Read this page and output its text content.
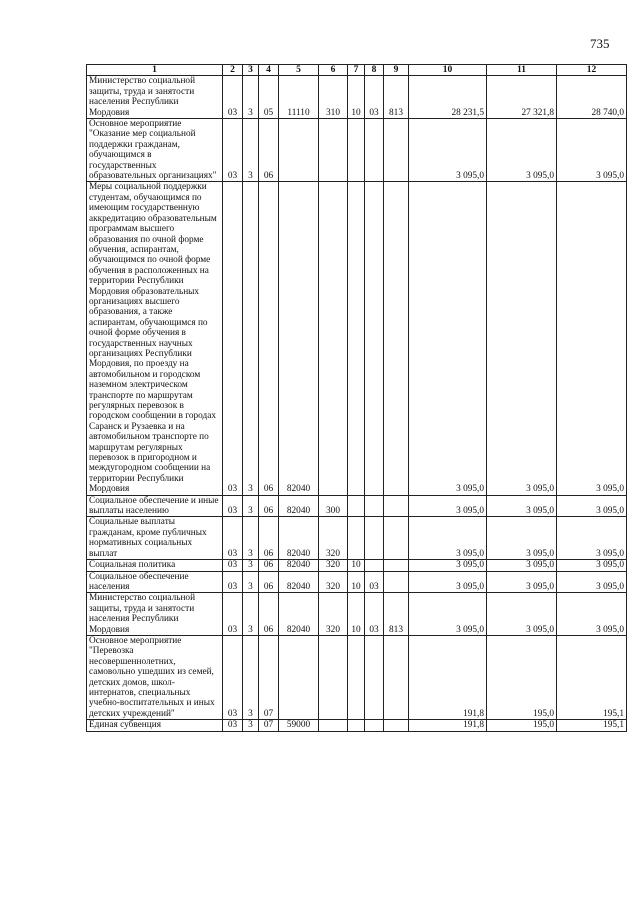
735
1	2	3	4	5	6	7	8	9	10	11	12
Министерство социальной защиты, труда и занятости населения Республики Мордовия	03	3	05	11110	310	10	03	813	28 231,5	27 321,8	28 740,0
Основное мероприятие "Оказание мер социальной поддержки гражданам, обучающимся в государственных образовательных организациях"	03	3	06						3 095,0	3 095,0	3 095,0
Меры социальной поддержки студентам, обучающимся по имеющим государственную аккредитацию образовательным программам высшего образования по очной форме обучения, аспирантам, обучающимся по очной форме обучения в расположенных на территории Республики Мордовия образовательных организациях высшего образования, а также аспирантам, обучающимся по очной форме обучения в государственных научных организациях Республики Мордовия, по проезду на автомобильном и городском наземном электрическом транспорте по маршрутам регулярных перевозок в городском сообщении в городах Саранск и Рузаевка и на автомобильном транспорте по маршрутам регулярных перевозок в пригородном и междугородном сообщении на территории Республики Мордовия	03	3	06	82040					3 095,0	3 095,0	3 095,0
Социальное обеспечение и иные выплаты населению	03	3	06	82040	300				3 095,0	3 095,0	3 095,0
Социальные выплаты гражданам, кроме публичных нормативных социальных выплат	03	3	06	82040	320				3 095,0	3 095,0	3 095,0
Социальная политика	03	3	06	82040	320	10			3 095,0	3 095,0	3 095,0
Социальное обеспечение населения	03	3	06	82040	320	10	03		3 095,0	3 095,0	3 095,0
Министерство социальной защиты, труда и занятости населения Республики Мордовия	03	3	06	82040	320	10	03	813	3 095,0	3 095,0	3 095,0
Основное мероприятие "Перевозка несовершеннолетних, самовольно ушедших из семей, детских домов, школ-интернатов, специальных учебно-воспитательных и иных детских учреждений"	03	3	07						191,8	195,0	195,1
Единая субвенция	03	3	07	59000					191,8	195,0	195,1
